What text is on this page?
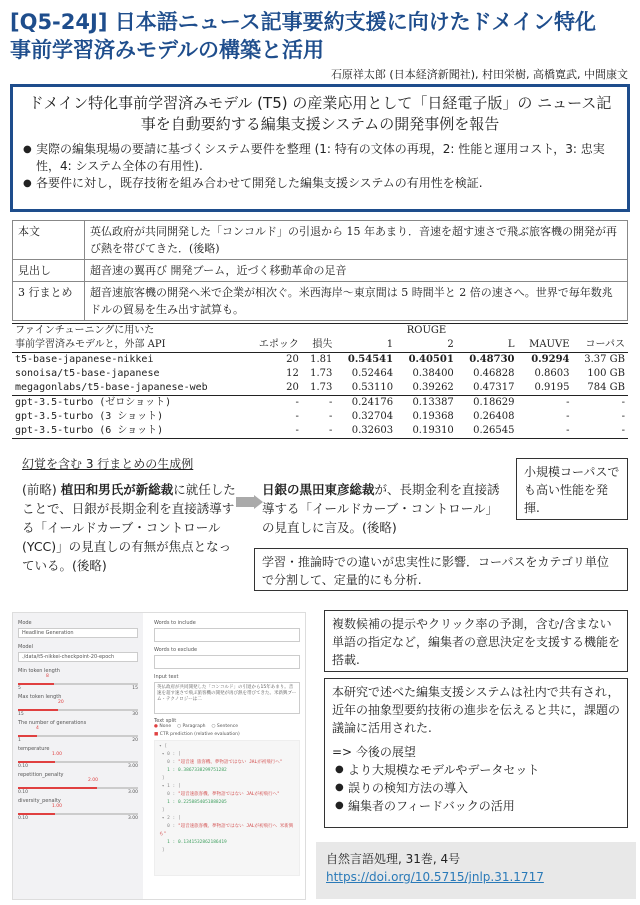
[Q5-24J] 日本語ニュース記事要約支援に向けたドメイン特化
事前学習済みモデルの構築と活用
石原祥太郎 (日本経済新聞社), 村田栄樹, 高橋寛武, 中間康文
ドメイン特化事前学習済みモデル (T5) の産業応用として「日経電子版」の ニュース記事を自動要約する編集支援システムの開発事例を報告
● 実際の編集現場の要請に基づくシステム要件を整理 (1: 特有の文体の再現，2: 性能と運用コスト，3: 忠実性，4: システム全体の有用性).
● 各要件に対し，既存技術を組み合わせて開発した編集支援システムの有用性を検証.
本文	英仏政府が共同開発した「コンコルド」の引退から 15 年あまり．音速を超す速さで飛ぶ旅客機の開発が再び熱を帯びてきた．(後略)
見出し	超音速の翼再び 開発ブーム，近づく移動革命の足音
3 行まとめ	超音速旅客機の開発へ米で企業が相次ぐ。米西海岸〜東京間は 5 時間半と 2 倍の速さへ。世界で毎年数兆ドルの貿易を生み出す試算も。
ファインチューニングに用いた				ROUGE			
事前学習済みモデルと，外部 API	エポック	損失	1	2	L	MAUVE	コーパス
t5-base-japanese-nikkei	20	1.81	0.54541	0.40501	0.48730	0.9294	3.37 GB
sonoisa/t5-base-japanese	12	1.73	0.52464	0.38400	0.46828	0.8603	100 GB
megagonlabs/t5-base-japanese-web	20	1.73	0.53110	0.39262	0.47317	0.9195	784 GB
gpt-3.5-turbo (ゼロショット)	-	-	0.24176	0.13387	0.18629	-	-
gpt-3.5-turbo (3 ショット)	-	-	0.32704	0.19368	0.26408	-	-
gpt-3.5-turbo (6 ショット)	-	-	0.32603	0.19310	0.26545	-	-
幻覚を含む 3 行まとめの生成例
(前略) 植田和男氏が新総裁に就任したことで、日銀が長期金利を直接誘導する「イールドカーブ・コントロール (YCC)」の見直しの有無が焦点となっている。(後略)
日銀の黒田東彦総裁が、長期金利を直接誘導する「イールドカーブ・コントロール」の見直しに言及。(後略)
小規模コーパスでも高い性能を発揮.
学習・推論時での違いが忠実性に影響．コーパスをカテゴリ単位で分割して、定量的にも分析.
複数候補の提示やクリック率の予測，含む/含まない単語の指定など，編集者の意思決定を支援する機能を搭載.
本研究で述べた編集支援システムは社内で共有され，近年の抽象型要約技術の進歩を伝えると共に，課題の議論に活用された.
=> 今後の展望
● より大規模なモデルやデータセット
● 誤りの検知方法の導入
● 編集者のフィードバックの活用
自然言語処理, 31巻, 4号
https://doi.org/10.5715/jnlp.31.1717
Mode
Headline Generation
Model
./data/t5-nikkei-checkpoint-20-epoch
Min token length
8
5	15
Max token length
20
15	30
The number of generations
4
1	20
temperature
1.00
0.10	3.00
repetition_penalty
2.00
0.10	3.00
diversity_penalty
1.00
0.10	3.00
Words to include
Words to exclude
Input text
英仏政府が共同開発した「コンコルド」の引退から15年あまり。音速を超す速さで飛ぶ旅客機の開発が再び熱を帯びてきた。米新興ブーム・テクノロジーは二
Text split
● None ○ Paragraph ○ Sentence
■ CTR prediction (relative evaluation)
▾ [
▾ 0 : [
0 : "超音速 旅客機、夢物語ではない JALが初飛行へ"
1 : 0.3867338299751282
]
▾ 1 : [
0 : "超音速旅客機、夢物語ではない JALが初飛行へ"
1 : 0.2258854051888205
]
▾ 2 : [
0 : "超音速旅客機、夢物語ではない JALが初飛行へ 米新興も"
1 : 0.1341532862186419
]
